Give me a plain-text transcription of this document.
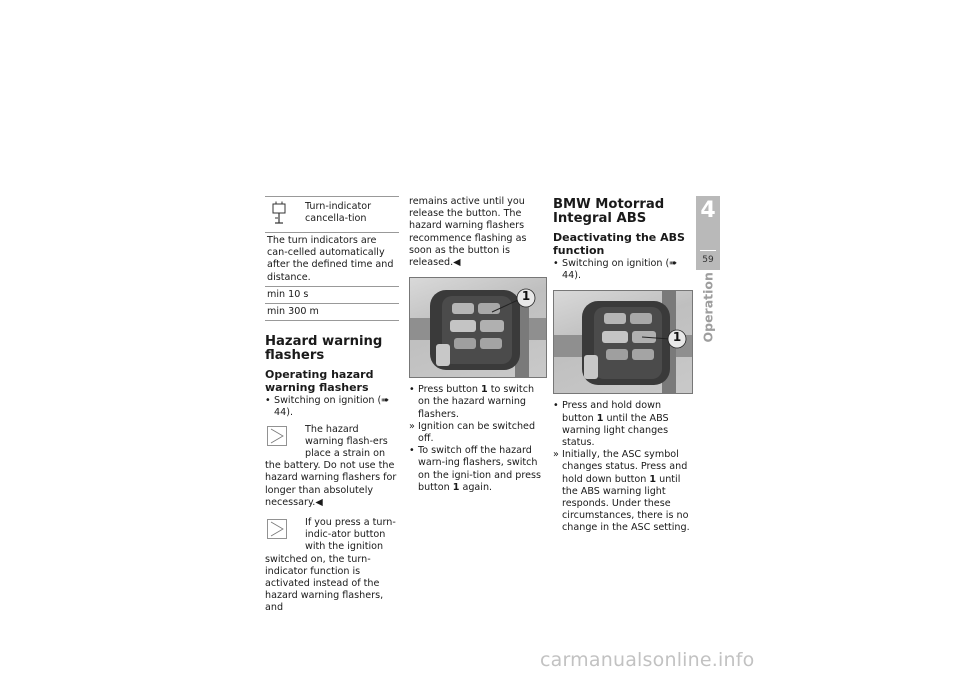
Turn-indicator cancella-tion

The turn indicators are can-celled automatically after the defined time and distance.
min 10 s
min 300 m
Hazard warning flashers
Operating hazard warning flashers
• Switching on ignition (➠ 44).
The hazard warning flash-ers place a strain on the battery. Do not use the hazard warning flashers for longer than absolutely necessary.◀
If you press a turn-indic-ator button with the ignition switched on, the turn-indicator function is activated instead of the hazard warning flashers, and
remains active until you release the button. The hazard warning flashers recommence flashing as soon as the button is released.◀
1
• Press button 1 to switch on the hazard warning flashers.
» Ignition can be switched off.
• To switch off the hazard warn-ing flashers, switch on the igni-tion and press button 1 again.
BMW Motorrad Integral ABS
Deactivating the ABS function
• Switching on ignition (➠ 44).
1
• Press and hold down button 1 until the ABS warning light changes status.
» Initially, the ASC symbol changes status. Press and hold down button 1 until the ABS warning light responds. Under these circumstances, there is no change in the ASC setting.
4
59
Operation
carmanualsonline.info
